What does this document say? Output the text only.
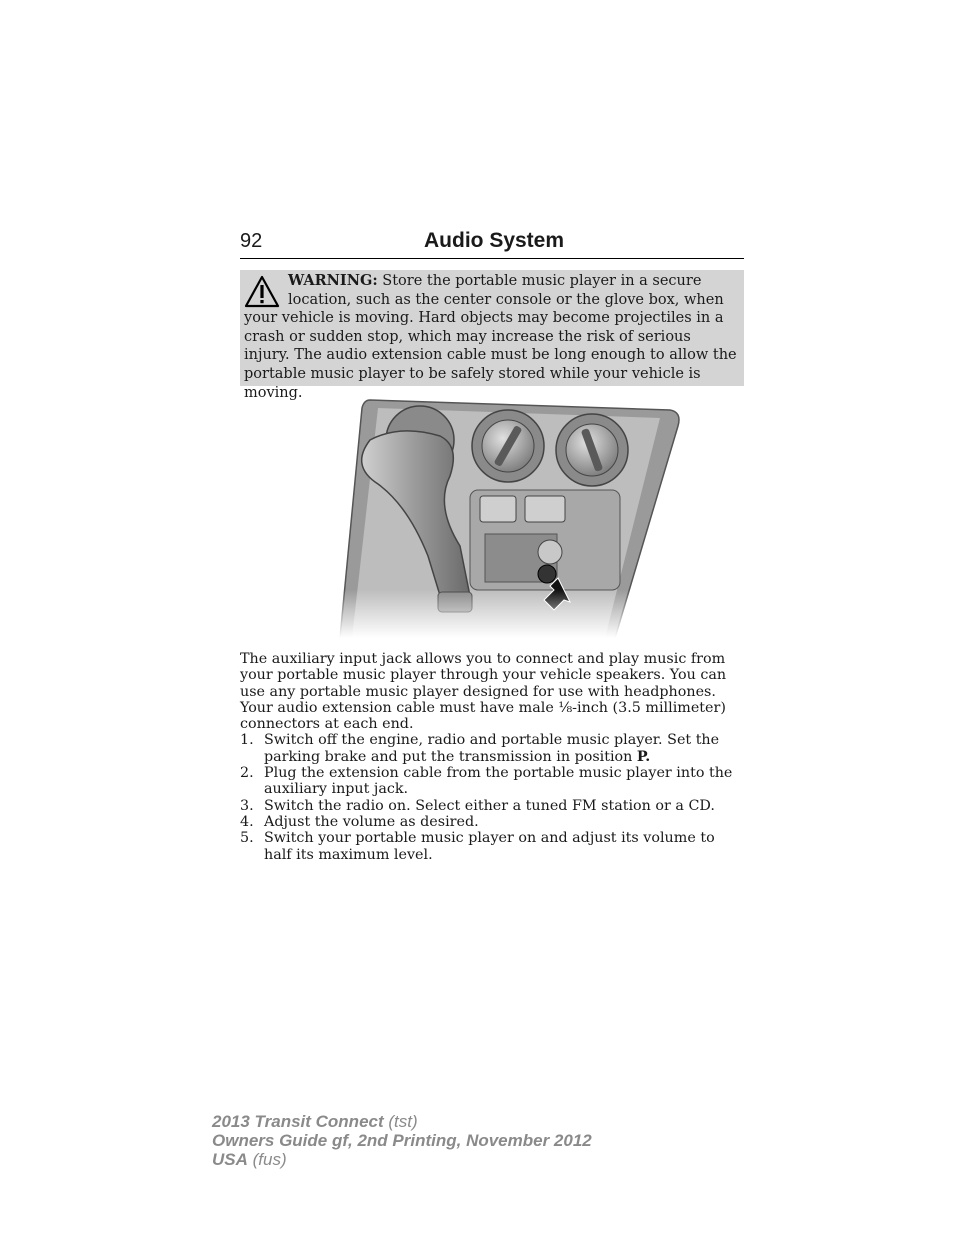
92	Audio System
WARNING: Store the portable music player in a secure location, such as the center console or the glove box, when your vehicle is moving. Hard objects may become projectiles in a crash or sudden stop, which may increase the risk of serious injury. The audio extension cable must be long enough to allow the portable music player to be safely stored while your vehicle is moving.

The auxiliary input jack allows you to connect and play music from your portable music player through your vehicle speakers. You can use any portable music player designed for use with headphones. Your audio extension cable must have male ⅛-inch (3.5 millimeter) connectors at each end.

1. Switch off the engine, radio and portable music player. Set the parking brake and put the transmission in position P.
2. Plug the extension cable from the portable music player into the auxiliary input jack.
3. Switch the radio on. Select either a tuned FM station or a CD.
4. Adjust the volume as desired.
5. Switch your portable music player on and adjust its volume to half its maximum level.
2013 Transit Connect (tst)
Owners Guide gf, 2nd Printing, November 2012
USA (fus)
